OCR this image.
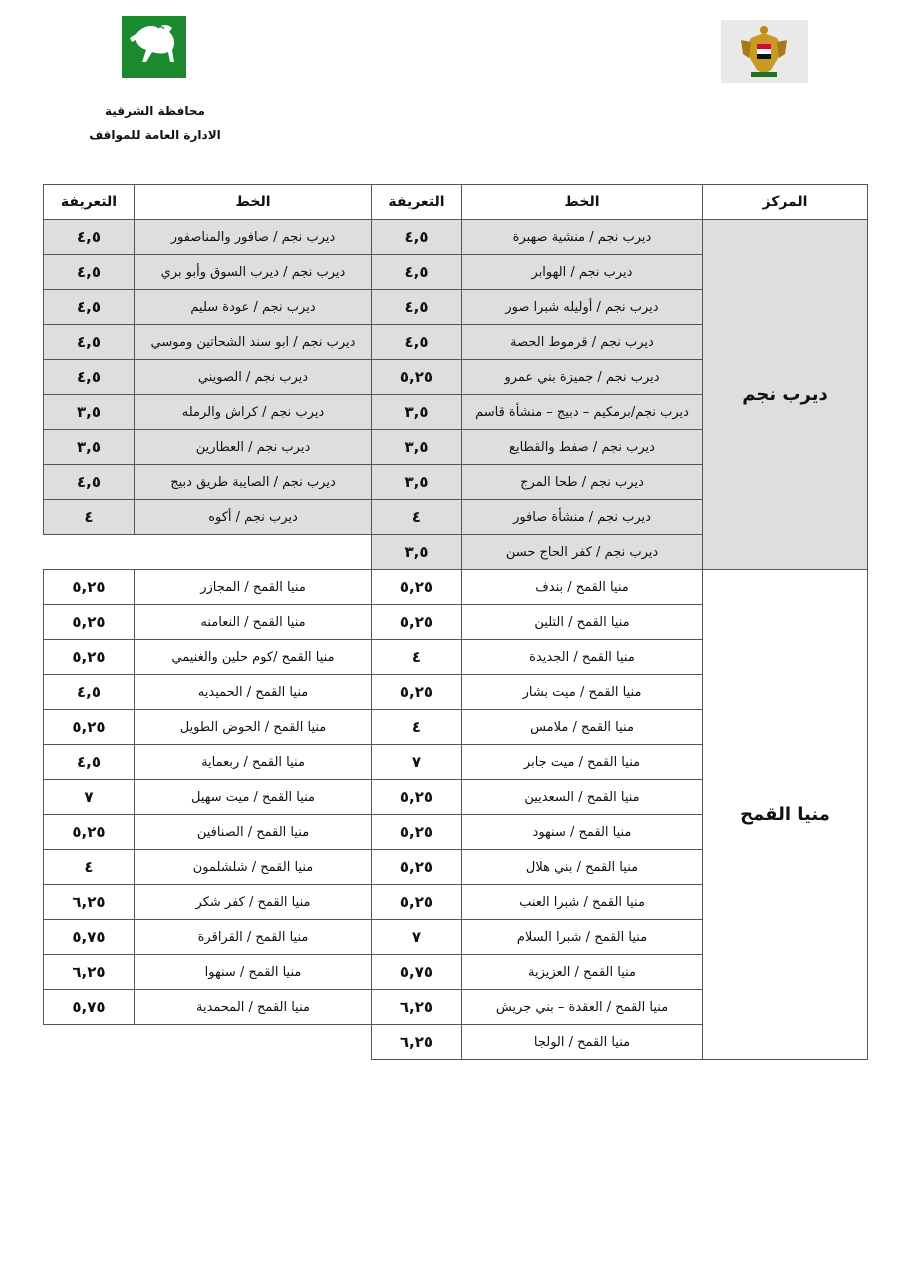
محافظة الشرقية
الادارة العامة للمواقف
المركز	الخط	التعريفة	الخط	التعريفة
ديرب نجم	ديرب نجم / منشية صهبرة	٤,٥	ديرب نجم / صافور والمناصفور	٤,٥
	ديرب نجم / الهوابر	٤,٥	ديرب نجم / ديرب السوق وأبو بري	٤,٥
	ديرب نجم / أوليله شبرا صور	٤,٥	ديرب نجم / عودة سليم	٤,٥
	ديرب نجم / قرموط الحصة	٤,٥	ديرب نجم / ابو سند الشحاتين وموسي	٤,٥
	ديرب نجم / جميزة بني عمرو	٥,٢٥	ديرب نجم / الصويني	٤,٥
	ديرب نجم/برمكيم – دبيج – منشأة قاسم	٣,٥	ديرب نجم / كراش والرمله	٣,٥
	ديرب نجم / صفط والقطايع	٣,٥	ديرب نجم / العطارين	٣,٥
	ديرب نجم / طحا المرج	٣,٥	ديرب نجم / الصايبة طريق دبيج	٤,٥
	ديرب نجم / منشأة صافور	٤	ديرب نجم / أكوه	٤
	ديرب نجم / كفر الحاج حسن	٣,٥		
منيا القمح	منيا القمح / بندف	٥,٢٥	منيا القمح / المجازر	٥,٢٥
	منيا القمح / التلين	٥,٢٥	منيا القمح / النعامنه	٥,٢٥
	منيا القمح / الجديدة	٤	منيا القمح /كوم حلين والغنيمي	٥,٢٥
	منيا القمح / ميت بشار	٥,٢٥	منيا القمح / الحميديه	٤,٥
	منيا القمح / ملامس	٤	منيا القمح / الحوض الطويل	٥,٢٥
	منيا القمح / ميت جابر	٧	منيا القمح / ربعماية	٤,٥
	منيا القمح / السعديين	٥,٢٥	منيا القمح / ميت سهيل	٧
	منيا القمح / سنهود	٥,٢٥	منيا القمح / الصنافين	٥,٢٥
	منيا القمح / بني هلال	٥,٢٥	منيا القمح / شلشلمون	٤
	منيا القمح / شبرا العنب	٥,٢٥	منيا القمح / كفر شكر	٦,٢٥
	منيا القمح / شبرا السلام	٧	منيا القمح / القراقرة	٥,٧٥
	منيا القمح / العزيزية	٥,٧٥	منيا القمح / سنهوا	٦,٢٥
	منيا القمح / العقدة – بني جريش	٦,٢٥	منيا القمح / المحمدية	٥,٧٥
	منيا القمح / الولجا	٦,٢٥		
